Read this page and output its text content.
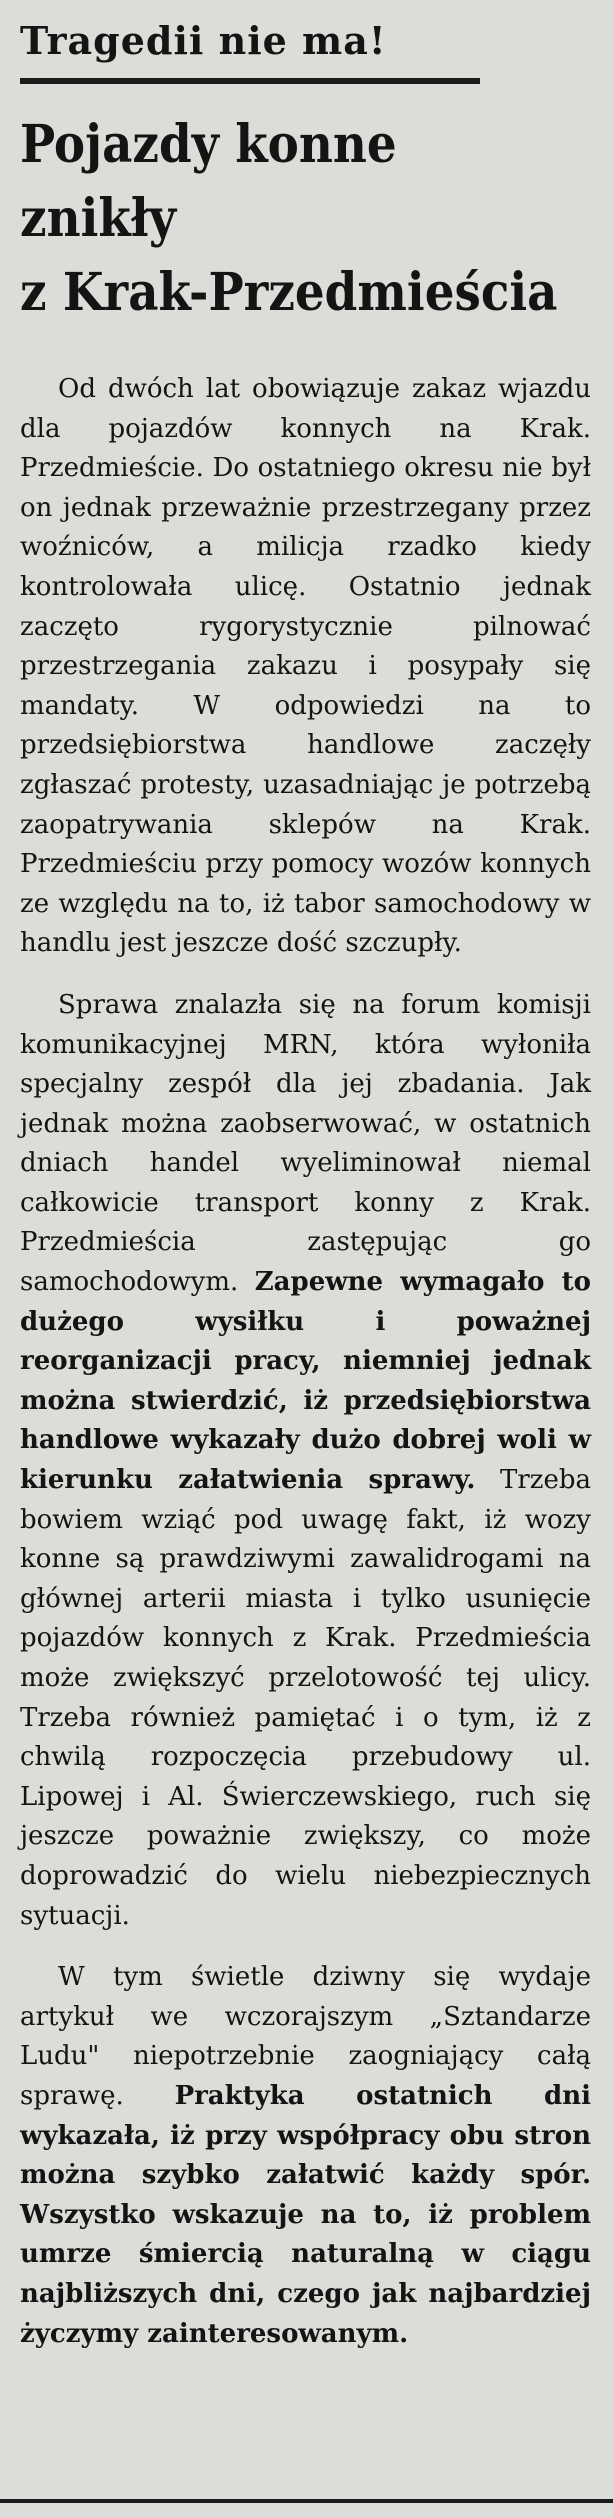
Tragedii nie ma!
Pojazdy konne
znikły
z Krak-Przedmieścia

Od dwóch lat obowiązuje zakaz wjazdu dla pojazdów konnych na Krak. Przedmieście. Do ostatniego okresu nie był on jednak przeważnie przestrzegany przez woźniców, a milicja rzadko kiedy kontrolowała ulicę. Ostatnio jednak zaczęto rygorystycznie pilnować przestrzegania zakazu i posypały się mandaty. W odpowiedzi na to przedsiębiorstwa handlowe zaczęły zgłaszać protesty, uzasadniając je potrzebą zaopatrywania sklepów na Krak. Przedmieściu przy pomocy wozów konnych ze względu na to, iż tabor samochodowy w handlu jest jeszcze dość szczupły.

Sprawa znalazła się na forum komisji komunikacyjnej MRN, która wyłoniła specjalny zespół dla jej zbadania. Jak jednak można zaobserwować, w ostatnich dniach handel wyeliminował niemal całkowicie transport konny z Krak. Przedmieścia zastępując go samochodowym. Zapewne wymagało to dużego wysiłku i poważnej reorganizacji pracy, niemniej jednak można stwierdzić, iż przedsiębiorstwa handlowe wykazały dużo dobrej woli w kierunku załatwienia sprawy. Trzeba bowiem wziąć pod uwagę fakt, iż wozy konne są prawdziwymi zawalidrogami na głównej arterii miasta i tylko usunięcie pojazdów konnych z Krak. Przedmieścia może zwiększyć przelotowość tej ulicy. Trzeba również pamiętać i o tym, iż z chwilą rozpoczęcia przebudowy ul. Lipowej i Al. Świerczewskiego, ruch się jeszcze poważnie zwiększy, co może doprowadzić do wielu niebezpiecznych sytuacji.

W tym świetle dziwny się wydaje artykuł we wczorajszym „Sztandarze Ludu" niepotrzebnie zaogniający całą sprawę. Praktyka ostatnich dni wykazała, iż przy współpracy obu stron można szybko załatwić każdy spór. Wszystko wskazuje na to, iż problem umrze śmiercią naturalną w ciągu najbliższych dni, czego jak najbardziej życzymy zainteresowanym.
